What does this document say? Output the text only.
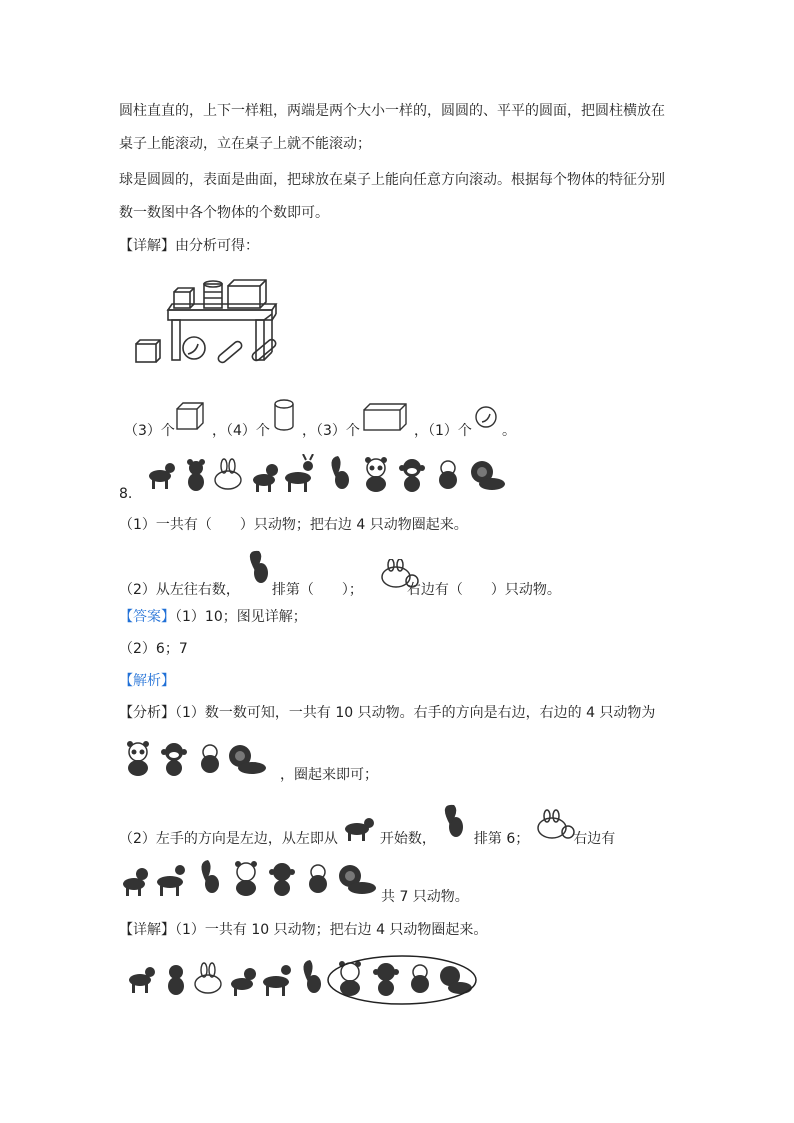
圆柱直直的，上下一样粗，两端是两个大小一样的，圆圆的、平平的圆面，把圆柱横放在
桌子上能滚动，立在桌子上就不能滚动；
球是圆圆的，表面是曲面，把球放在桌子上能向任意方向滚动。根据每个物体的特征分别
数一数图中各个物体的个数即可。
【详解】由分析可得：
（3）个	，（4）个 ，（3）个	，（1）个 。
8.
（1）一共有（　　）只动物；把右边 4 只动物圈起来。
（2）从左往右数， 排第（　　）；	右边有（　　）只动物。
【答案】（1）10；图见详解；
（2）6；7
【解析】
【分析】（1）数一数可知，一共有 10 只动物。右手的方向是右边，右边的 4 只动物为
，圈起来即可；
（2）左手的方向是左边，从左即从	开始数，	排第 6；	右边有
共 7 只动物。
【详解】（1）一共有 10 只动物；把右边 4 只动物圈起来。
